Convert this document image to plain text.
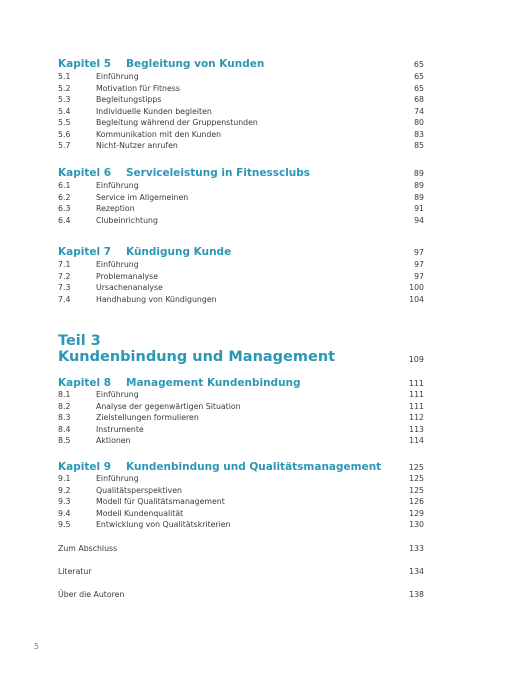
Kapitel 5 Begleitung von Kunden	65
5.1	Einführung	65
5.2	Motivation für Fitness	65
5.3	Begleitungstipps	68
5.4	Individuelle Kunden begleiten	74
5.5	Begleitung während der Gruppenstunden	80
5.6	Kommunikation mit den Kunden	83
5.7	Nicht-Nutzer anrufen	85
Kapitel 6 Serviceleistung in Fitnessclubs	89
6.1	Einführung	89
6.2	Service im Allgemeinen	89
6.3	Rezeption	91
6.4	Clubeinrichtung	94
Kapitel 7 Kündigung Kunde	97
7.1	Einführung	97
7.2	Problemanalyse	97
7.3	Ursachenanalyse	100
7.4	Handhabung von Kündigungen	104
Teil 3
Kundenbindung und Management	109
Kapitel 8 Management Kundenbindung	111
8.1	Einführung	111
8.2	Analyse der gegenwärtigen Situation	111
8.3	Zielstellungen formulieren	112
8.4	Instrumente	113
8.5	Aktionen	114
Kapitel 9 Kundenbindung und Qualitätsmanagement	125
9.1	Einführung	125
9.2	Qualitätsperspektiven	125
9.3	Modell für Qualitätsmanagement	126
9.4	Modell Kundenqualität	129
9.5	Entwicklung von Qualitätskriterien	130
Zum Abschluss	133
Literatur	134
Über die Autoren	138
5
